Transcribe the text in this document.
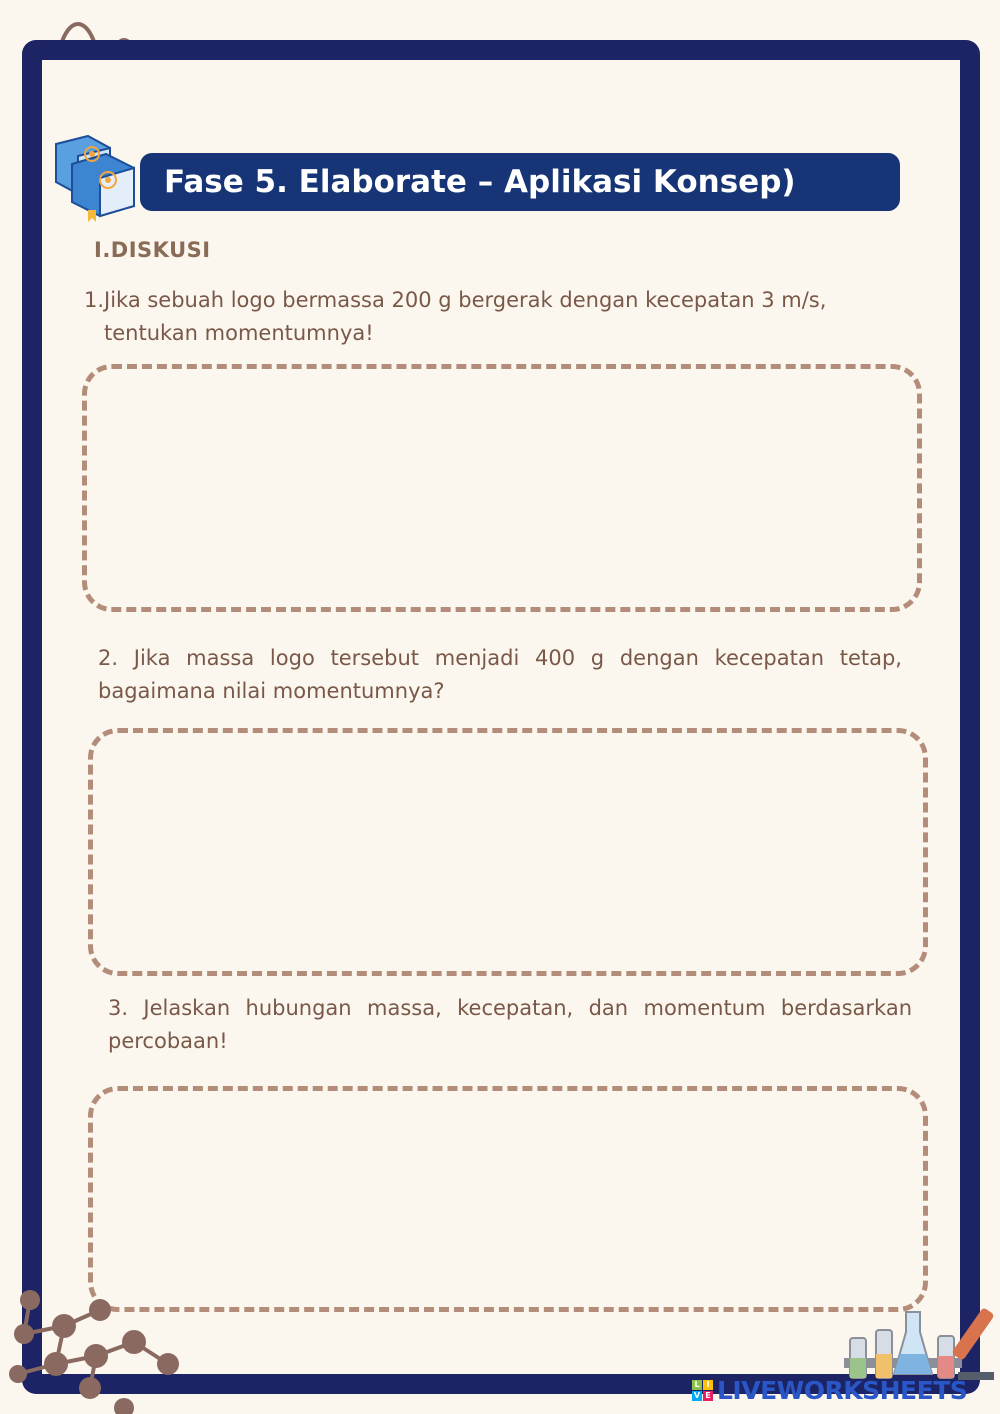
Fase 5. Elaborate – Aplikasi Konsep)
I.DISKUSI
1.Jika sebuah logo bermassa 200 g bergerak dengan kecepatan 3 m/s,
tentukan momentumnya!
2. Jika massa logo tersebut menjadi 400 g dengan kecepatan tetap, bagaimana nilai momentumnya?
3. Jelaskan hubungan massa, kecepatan, dan momentum berdasarkan percobaan!
L I
V E LIVEWORKSHEETS
